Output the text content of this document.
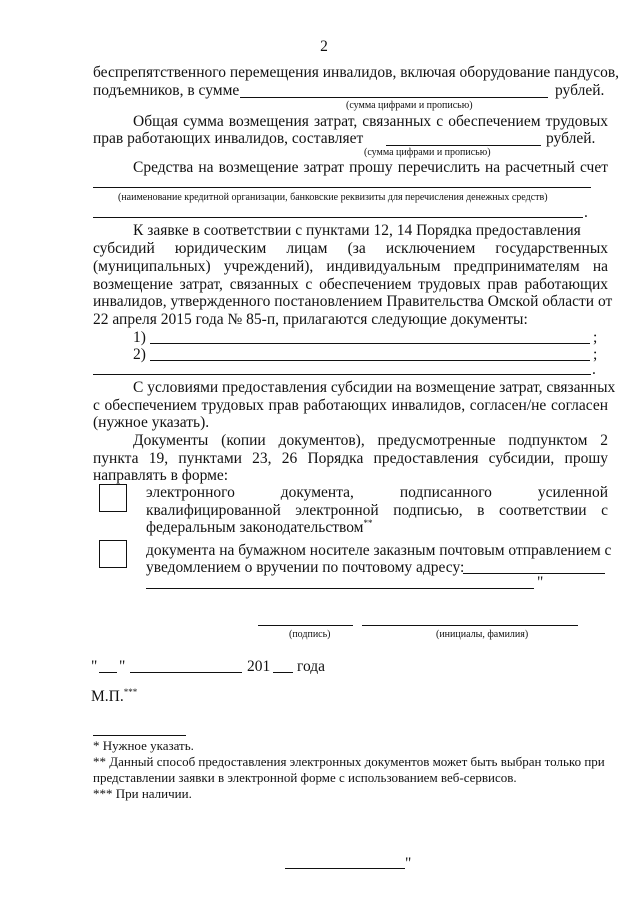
2
беспрепятственного перемещения инвалидов, включая оборудование пандусов,
подъемников, в сумме	рублей.
(сумма цифрами и прописью)
Общая сумма возмещения затрат, связанных с обеспечением трудовых
прав работающих инвалидов, составляет	рублей.
(сумма цифрами и прописью)
Средства на возмещение затрат прошу перечислить на расчетный счет
(наименование кредитной организации, банковские реквизиты для перечисления денежных средств)
.
К заявке в соответствии с пунктами 12, 14 Порядка предоставления
субсидий юридическим лицам (за исключением государственных
(муниципальных) учреждений), индивидуальным предпринимателям на
возмещение затрат, связанных с обеспечением трудовых прав работающих
инвалидов, утвержденного постановлением Правительства Омской области от
22 апреля 2015 года № 85-п, прилагаются следующие документы:
1)	;
2)	;
.
С условиями предоставления субсидии на возмещение затрат, связанных
с обеспечением трудовых прав работающих инвалидов, согласен/не согласен
(нужное указать).
Документы (копии документов), предусмотренные подпунктом 2
пункта 19, пунктами 23, 26 Порядка предоставления субсидии, прошу
направлять в форме:
электронного документа, подписанного усиленной
квалифицированной электронной подписью, в соответствии с
федеральным законодательством**
документа на бумажном носителе заказным почтовым отправлением с
уведомлением о вручении по почтовому адресу:
"
(подпись)	(инициалы, фамилия)
" "	201 года
М.П.***
* Нужное указать.
** Данный способ предоставления электронных документов может быть выбран только при
представлении заявки в электронной форме с использованием веб-сервисов.
*** При наличии.
"
